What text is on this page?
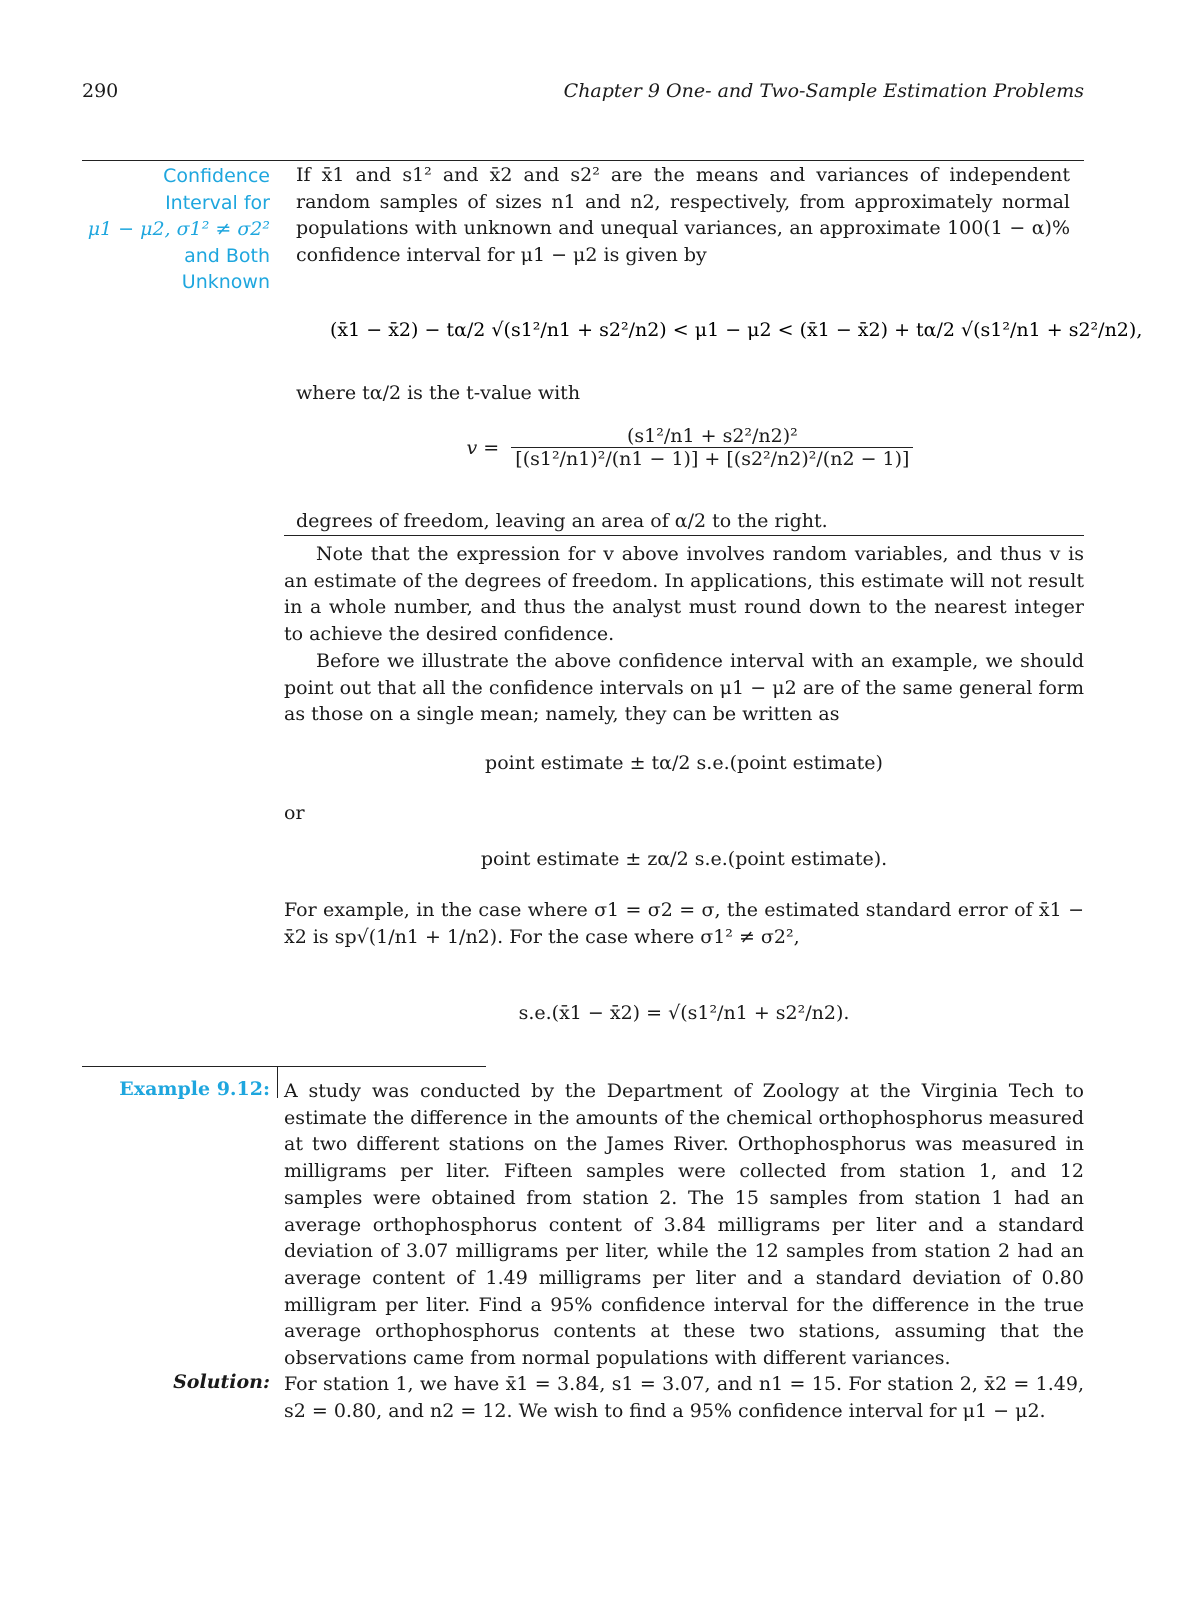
290	Chapter 9 One- and Two-Sample Estimation Problems
Confidence
Interval for
μ1 − μ2, σ1² ≠ σ2²
and Both
Unknown
If x̄1 and s1² and x̄2 and s2² are the means and variances of independent random samples of sizes n1 and n2, respectively, from approximately normal populations with unknown and unequal variances, an approximate 100(1 − α)% confidence interval for μ1 − μ2 is given by
(x̄1 − x̄2) − tα/2 √(s1²/n1 + s2²/n2) < μ1 − μ2 < (x̄1 − x̄2) + tα/2 √(s1²/n1 + s2²/n2),
where tα/2 is the t-value with
$v = \frac{\text{(s1²/n1 + s2²/n2)²}}{\text{[(s1²/n1)²/(n1 − 1)] + [(s2²/n2)²/(n2 − 1)]}}$
degrees of freedom, leaving an area of α/2 to the right.
Note that the expression for v above involves random variables, and thus v is an estimate of the degrees of freedom. In applications, this estimate will not result in a whole number, and thus the analyst must round down to the nearest integer to achieve the desired confidence.
Before we illustrate the above confidence interval with an example, we should point out that all the confidence intervals on μ1 − μ2 are of the same general form as those on a single mean; namely, they can be written as
point estimate ± tα/2 s.e.(point estimate)
or
point estimate ± zα/2 s.e.(point estimate).
For example, in the case where σ1 = σ2 = σ, the estimated standard error of x̄1 − x̄2 is sp√(1/n1 + 1/n2). For the case where σ1² ≠ σ2²,
s.e.(x̄1 − x̄2) = √(s1²/n1 + s2²/n2).
Example 9.12: A study was conducted by the Department of Zoology at the Virginia Tech to estimate the difference in the amounts of the chemical orthophosphorus measured at two different stations on the James River. Orthophosphorus was measured in milligrams per liter. Fifteen samples were collected from station 1, and 12 samples were obtained from station 2. The 15 samples from station 1 had an average orthophosphorus content of 3.84 milligrams per liter and a standard deviation of 3.07 milligrams per liter, while the 12 samples from station 2 had an average content of 1.49 milligrams per liter and a standard deviation of 0.80 milligram per liter. Find a 95% confidence interval for the difference in the true average orthophosphorus contents at these two stations, assuming that the observations came from normal populations with different variances.
Solution: For station 1, we have x̄1 = 3.84, s1 = 3.07, and n1 = 15. For station 2, x̄2 = 1.49, s2 = 0.80, and n2 = 12. We wish to find a 95% confidence interval for μ1 − μ2.
